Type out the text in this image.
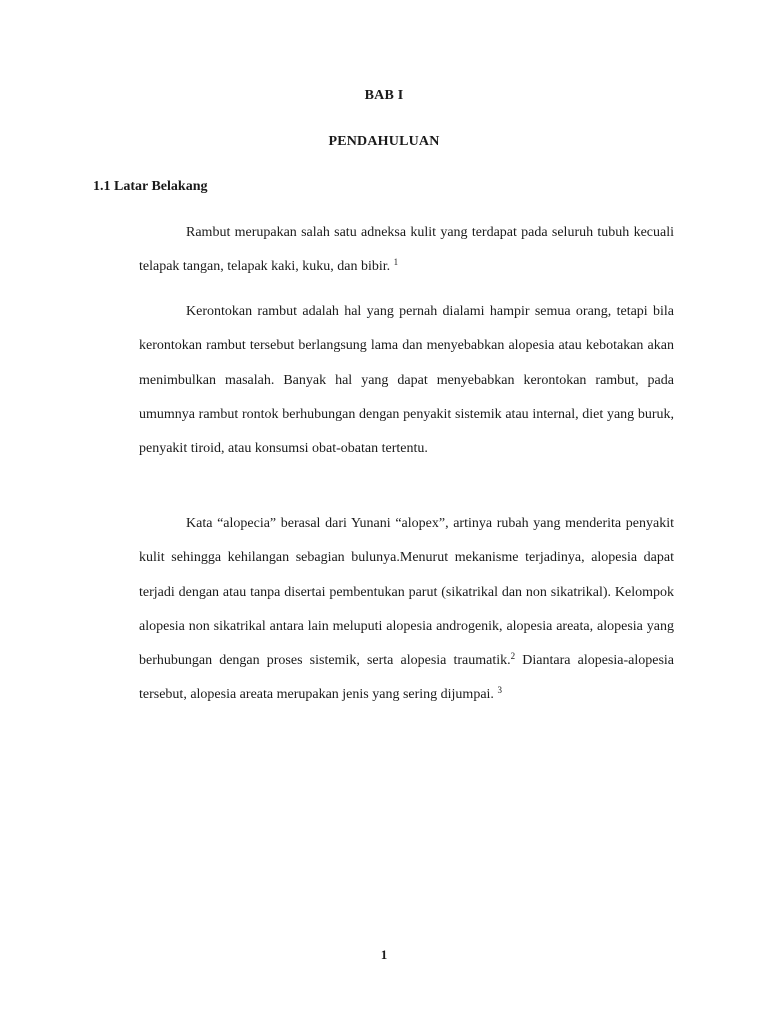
BAB I
PENDAHULUAN
1.1 Latar Belakang

Rambut merupakan salah satu adneksa kulit yang terdapat pada seluruh tubuh kecuali telapak tangan, telapak kaki, kuku, dan bibir. $^1$

Kerontokan rambut adalah hal yang pernah dialami hampir semua orang, tetapi bila kerontokan rambut tersebut berlangsung lama dan menyebabkan alopesia atau kebotakan akan menimbulkan masalah. Banyak hal yang dapat menyebabkan kerontokan rambut, pada umumnya rambut rontok berhubungan dengan penyakit sistemik atau internal, diet yang buruk, penyakit tiroid, atau konsumsi obat-obatan tertentu.

Kata “alopecia” berasal dari Yunani “alopex”, artinya rubah yang menderita penyakit kulit sehingga kehilangan sebagian bulunya.Menurut mekanisme terjadinya, alopesia dapat terjadi dengan atau tanpa disertai pembentukan parut (sikatrikal dan non sikatrikal). Kelompok alopesia non sikatrikal antara lain meluputi alopesia androgenik, alopesia areata, alopesia yang berhubungan dengan proses sistemik, serta alopesia traumatik.$^2$ Diantara alopesia-alopesia tersebut, alopesia areata merupakan jenis yang sering dijumpai. $^3$

1
